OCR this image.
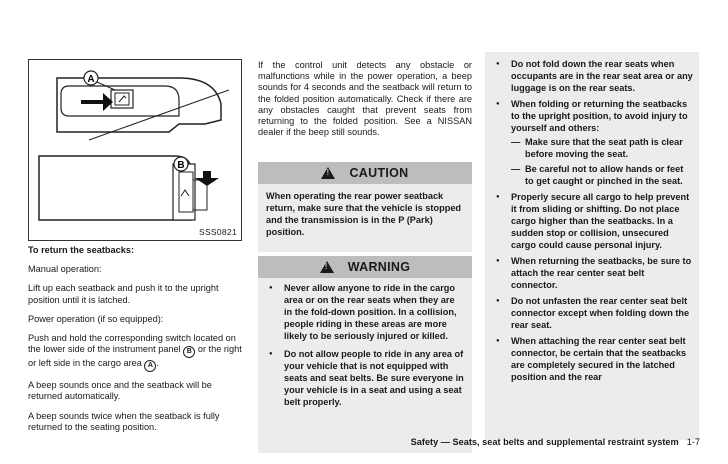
A
B
SSS0821

To return the seatbacks:

Manual operation:

Lift up each seatback and push it to the upright position until it is latched.

Power operation (if so equipped):

Push and hold the corresponding switch located on the lower side of the instrument panel B or the right or left side in the cargo area A .

A beep sounds once and the seatback will be returned automatically.

A beep sounds twice when the seatback is fully returned to the seating position.

If the control unit detects any obstacle or malfunctions while in the power operation, a beep sounds for 4 seconds and the seatback will return to the folded position automatically. Check if there are any obstacles caught that prevent seats from returning to the folded position. See a NISSAN dealer if the beep still sounds.
!
CAUTION
When operating the rear power seatback return, make sure that the vehicle is stopped and the transmission is in the P (Park) position.
!
WARNING
● Never allow anyone to ride in the cargo area or on the rear seats when they are in the fold-down position. In a collision, people riding in these areas are more likely to be seriously injured or killed.
● Do not allow people to ride in any area of your vehicle that is not equipped with seats and seat belts. Be sure everyone in your vehicle is in a seat and using a seat belt properly.
● Do not fold down the rear seats when occupants are in the rear seat area or any luggage is on the rear seats.
● When folding or returning the seatbacks to the upright position, to avoid injury to yourself and others:
— Make sure that the seat path is clear before moving the seat.
— Be careful not to allow hands or feet to get caught or pinched in the seat.
● Properly secure all cargo to help prevent it from sliding or shifting. Do not place cargo higher than the seatbacks. In a sudden stop or collision, unsecured cargo could cause personal injury.
● When returning the seatbacks, be sure to attach the rear center seat belt connector.
● Do not unfasten the rear center seat belt connector except when folding down the rear seat.
● When attaching the rear center seat belt connector, be certain that the seatbacks are completely secured in the latched position and the rear
Safety — Seats, seat belts and supplemental restraint system 1-7
